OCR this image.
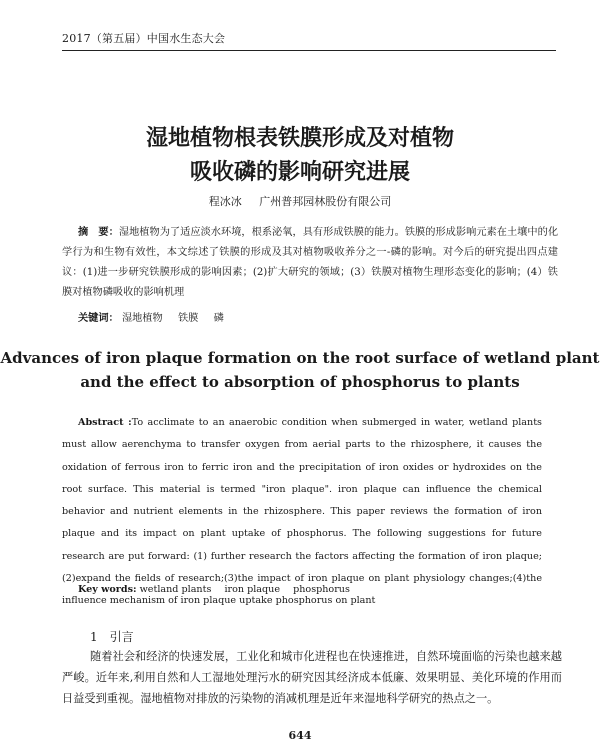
2017（第五届）中国水生态大会
湿地植物根表铁膜形成及对植物
吸收磷的影响研究进展
程冰冰 广州普邦园林股份有限公司
摘　要：湿地植物为了适应淡水环境，根系泌氧，具有形成铁膜的能力。铁膜的形成影响元素在土壤中的化学行为和生物有效性，本文综述了铁膜的形成及其对植物吸收养分之一-磷的影响。对今后的研究提出四点建议：(1)进一步研究铁膜形成的影响因素；(2)扩大研究的领域；(3）铁膜对植物生理形态变化的影响；(4）铁膜对植物磷吸收的影响机理
关键词： 湿地植物 铁膜 磷
Advances of iron plaque formation on the root surface of wetland plant
and the effect to absorption of phosphorus to plants
Abstract :To acclimate to an anaerobic condition when submerged in water, wetland plants must allow aerenchyma to transfer oxygen from aerial parts to the rhizosphere, it causes the oxidation of ferrous iron to ferric iron and the precipitation of iron oxides or hydroxides on the root surface. This material is termed "iron plaque". iron plaque can influence the chemical behavior and nutrient elements in the rhizosphere. This paper reviews the formation of iron plaque and its impact on plant uptake of phosphorus. The following suggestions for future research are put forward: (1) further research the factors affecting the formation of iron plaque;(2)expand the fields of research;(3)the impact of iron plaque on plant physiology changes;(4)the influence mechanism of iron plaque uptake phosphorus on plant
Key words: wetland plants iron plaque phosphorus
1 引言
随着社会和经济的快速发展，工业化和城市化进程也在快速推进，自然环境面临的污染也越来越严峻。近年来,利用自然和人工湿地处理污水的研究因其经济成本低廉、效果明显、美化环境的作用而日益受到重视。湿地植物对排放的污染物的消减机理是近年来湿地科学研究的热点之一。
644
